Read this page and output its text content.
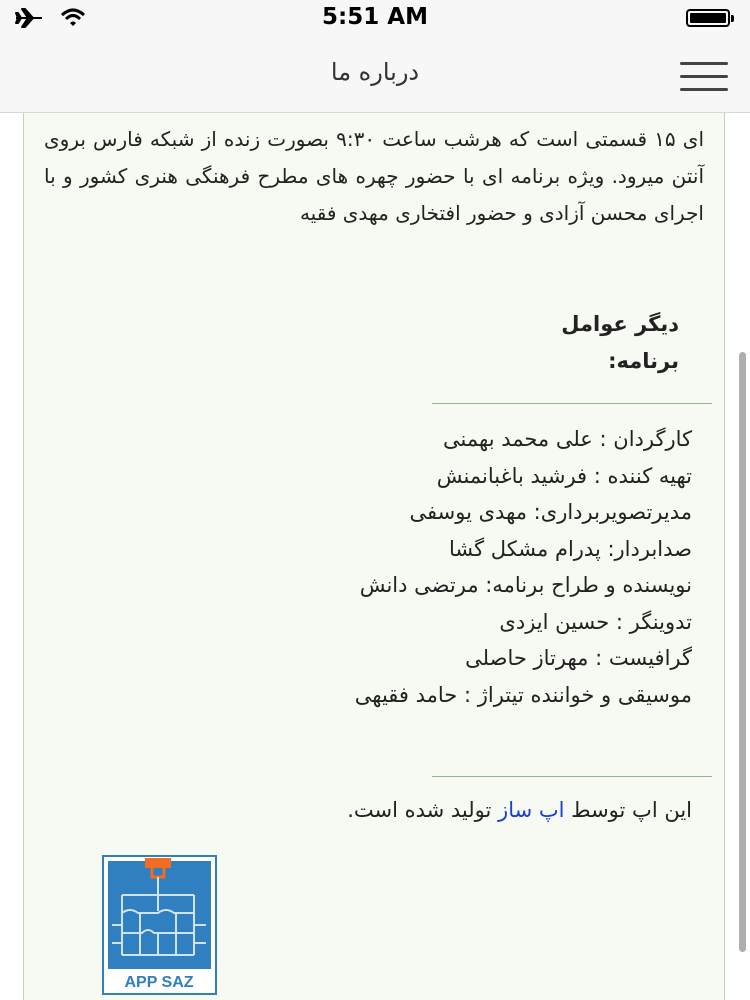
5:51 AM
درباره ما

ای ۱۵ قسمتی است که هرشب ساعت ۹:۳۰ بصورت زنده از شبکه فارس بروی آنتن میرود. ویژه برنامه ای با حضور چهره های مطرح فرهنگی هنری کشور و با اجرای محسن آزادی و حضور افتخاری مهدی فقیه

دیگر عوامل
برنامه:
کارگردان : علی محمد بهمنی
تهیه کننده : فرشید باغبانمنش
مدیرتصویربرداری: مهدی یوسفی
صدابردار: پدرام مشکل گشا
نویسنده و طراح برنامه: مرتضی دانش
تدوینگر : حسین ایزدی
گرافیست : مهرتاز حاصلی
موسیقی و خواننده تیتراژ : حامد فقیهی

این اپ توسط اپ ساز تولید شده است.

APP SAZ
